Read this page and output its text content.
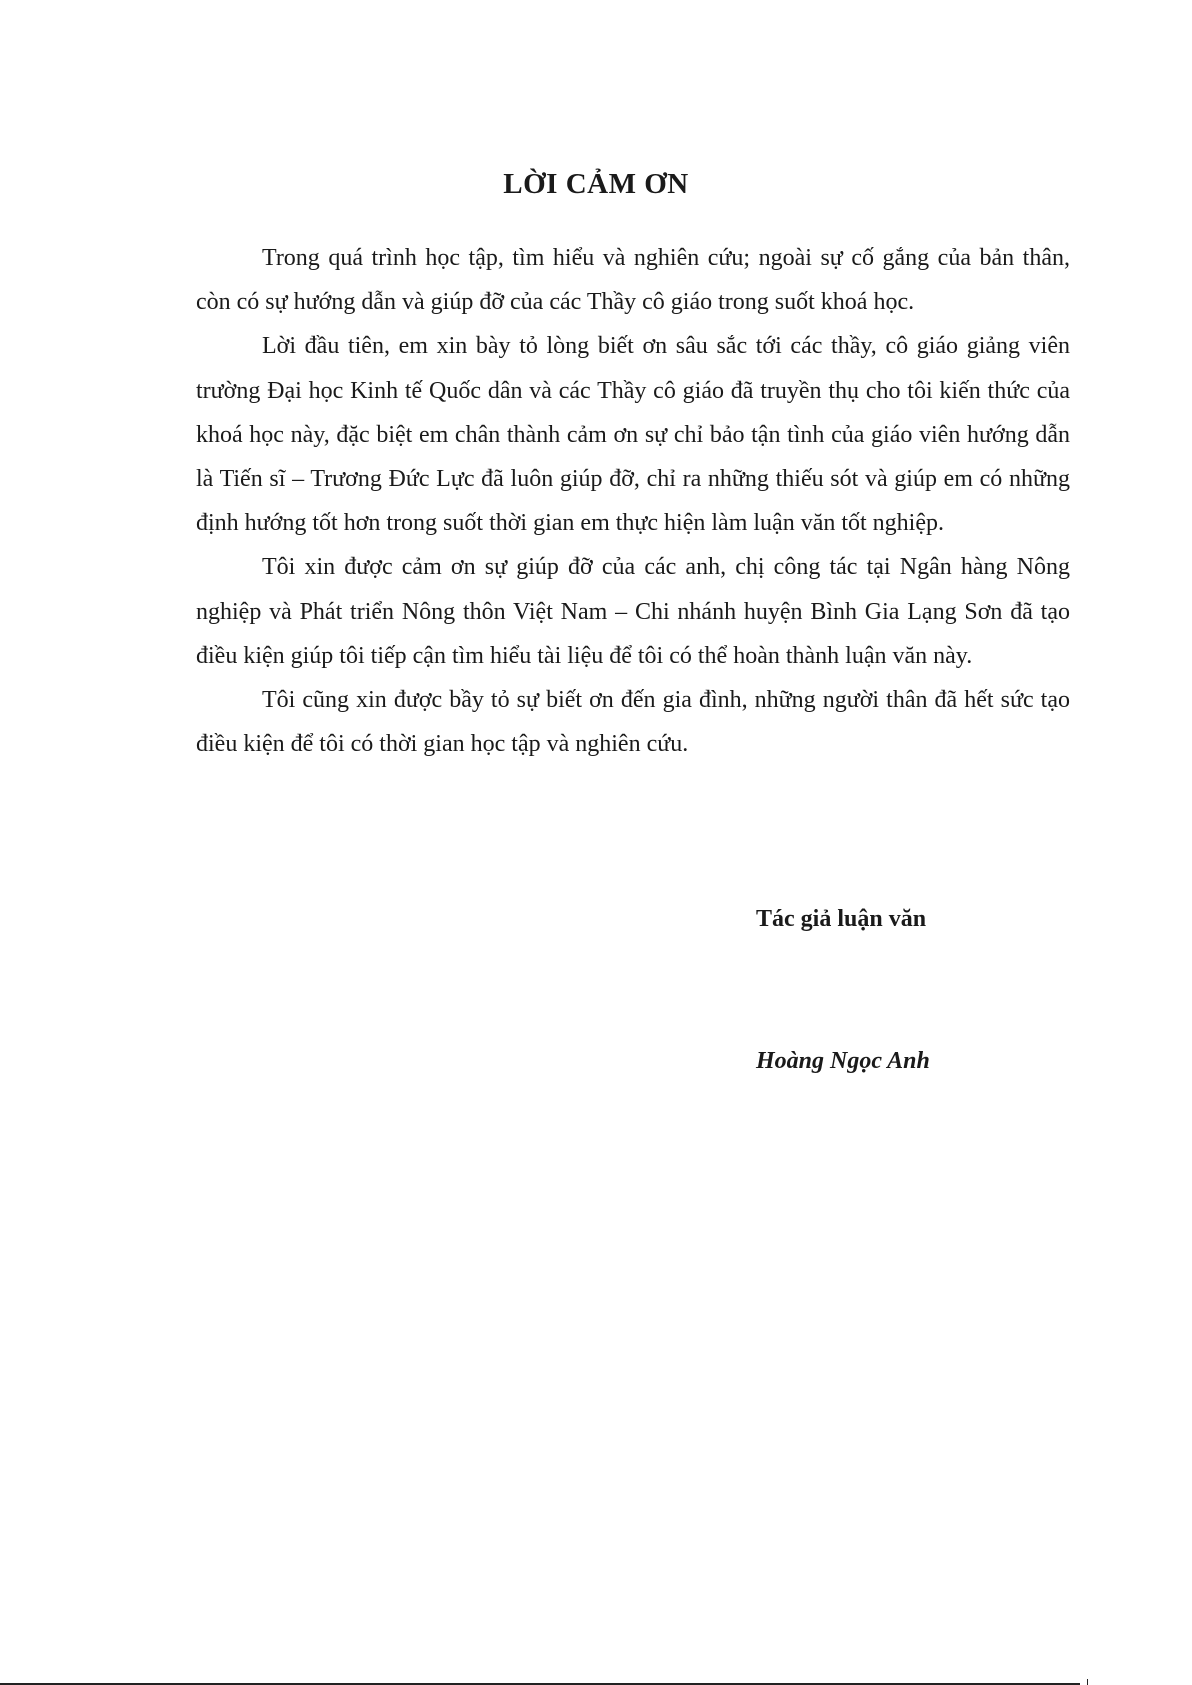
LỜI CẢM ƠN

Trong quá trình học tập, tìm hiểu và nghiên cứu; ngoài sự cố gắng của bản thân, còn có sự hướng dẫn và giúp đỡ của các Thầy cô giáo trong suốt khoá học.

Lời đầu tiên, em xin bày tỏ lòng biết ơn sâu sắc tới các thầy, cô giáo giảng viên trường Đại học Kinh tế Quốc dân và các Thầy cô giáo đã truyền thụ cho tôi kiến thức của khoá học này, đặc biệt em chân thành cảm ơn sự chỉ bảo tận tình của giáo viên hướng dẫn là Tiến sĩ – Trương Đức Lực đã luôn giúp đỡ, chỉ ra những thiếu sót và giúp em có những định hướng tốt hơn trong suốt thời gian em thực hiện làm luận văn tốt nghiệp.

Tôi xin được cảm ơn sự giúp đỡ của các anh, chị công tác tại Ngân hàng Nông nghiệp và Phát triển Nông thôn Việt Nam – Chi nhánh huyện Bình Gia Lạng Sơn đã tạo điều kiện giúp tôi tiếp cận tìm hiểu tài liệu để tôi có thể hoàn thành luận văn này.

Tôi cũng xin được bầy tỏ sự biết ơn đến gia đình, những người thân đã hết sức tạo điều kiện để tôi có thời gian học tập và nghiên cứu.

Tác giả luận văn

Hoàng Ngọc Anh
